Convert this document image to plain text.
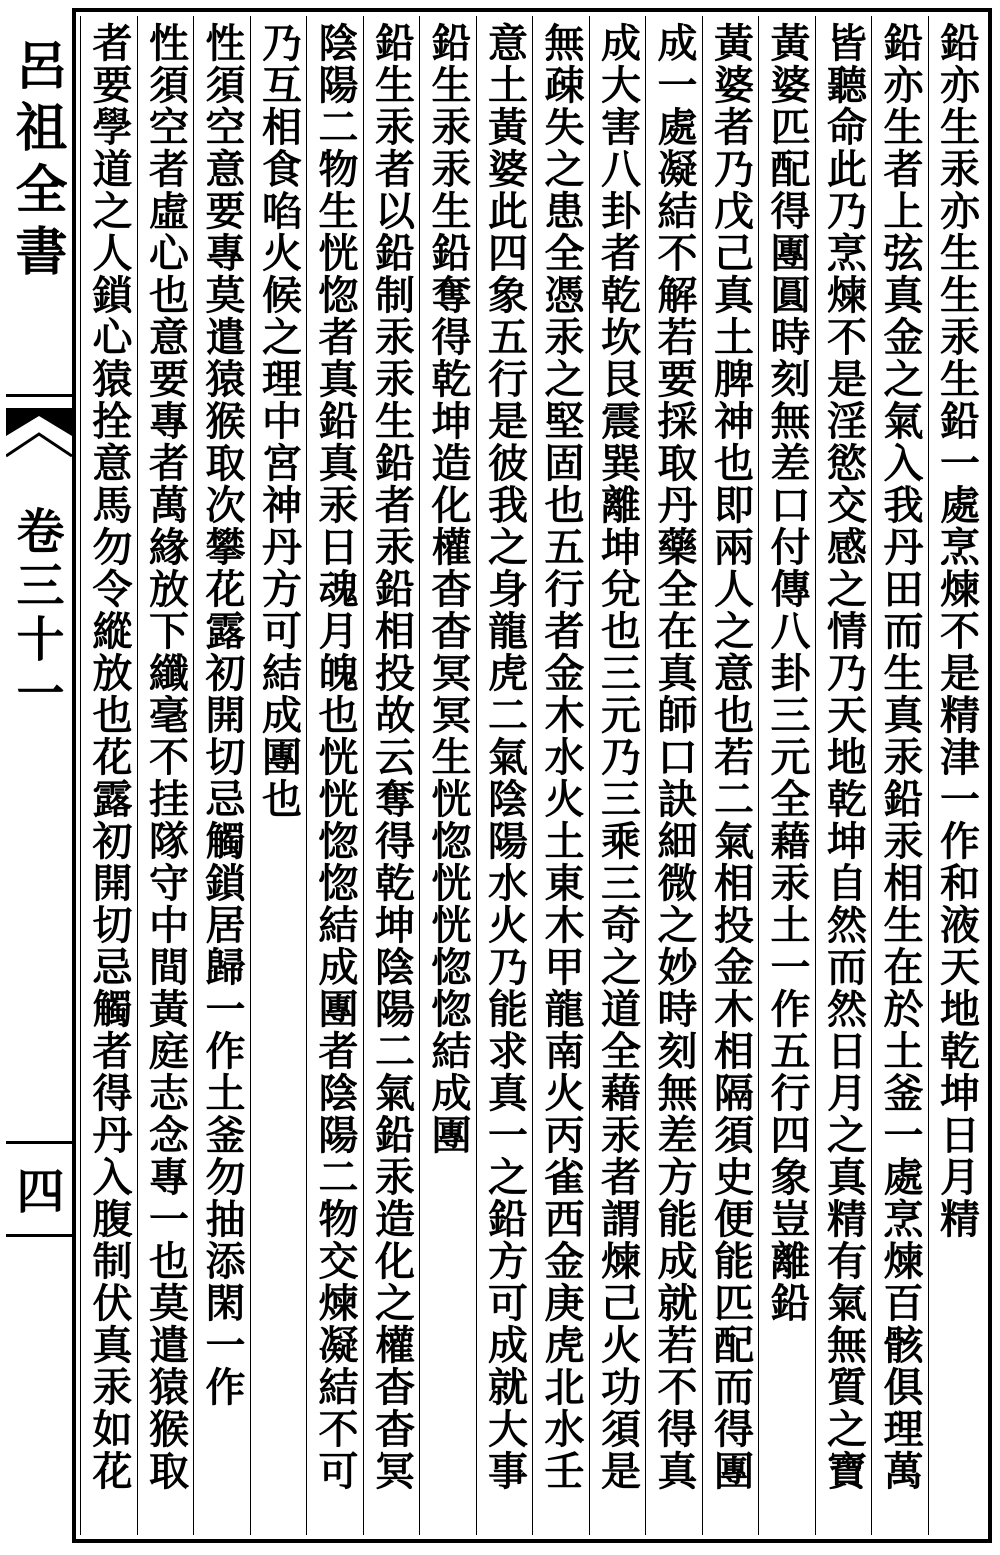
呂祖全書
卷三十一
四	鉛亦生汞亦生生汞生鉛一處烹煉不是精津一作和液天地乾坤日月精
鉛亦生者上弦真金之氣入我丹田而生真汞鉛汞相生在於土釜一處烹煉百骸俱理萬
皆聽命此乃烹煉不是淫慾交感之情乃天地乾坤自然而然日月之真精有氣無質之寶
黃婆匹配得團圓時刻無差口付傳八卦三元全藉汞土一作五行四象豈離鉛
黃婆者乃戊己真土脾神也即兩人之意也若二氣相投金木相隔須史便能匹配而得團
成一處凝結不解若要採取丹藥全在真師口訣細微之妙時刻無差方能成就若不得真
成大害八卦者乾坎艮震巽離坤兌也三元乃三乘三奇之道全藉汞者謂煉己火功須是
無疎失之患全憑汞之堅固也五行者金木水火土東木甲龍南火丙雀西金庚虎北水壬
意土黃婆此四象五行是彼我之身龍虎二氣陰陽水火乃能求真一之鉛方可成就大事
鉛生汞汞生鉛奪得乾坤造化權杳杳冥冥生恍惚恍恍惚惚結成團
鉛生汞者以鉛制汞汞生鉛者汞鉛相投故云奪得乾坤陰陽二氣鉛汞造化之權杳杳冥
陰陽二物生恍惚者真鉛真汞日魂月魄也恍恍惚惚結成團者陰陽二物交煉凝結不可
乃互相食啗火候之理中宮神丹方可結成團也
性須空意要專莫遣猿猴取次攀花露初開切忌觸鎖居歸一作土釜勿抽添閑一作
性須空者虛心也意要專者萬緣放下纖毫不挂隊守中間黃庭志念專一也莫遣猿猴取
者要學道之人鎖心猿拴意馬勿令縱放也花露初開切忌觸者得丹入腹制伏真汞如花
